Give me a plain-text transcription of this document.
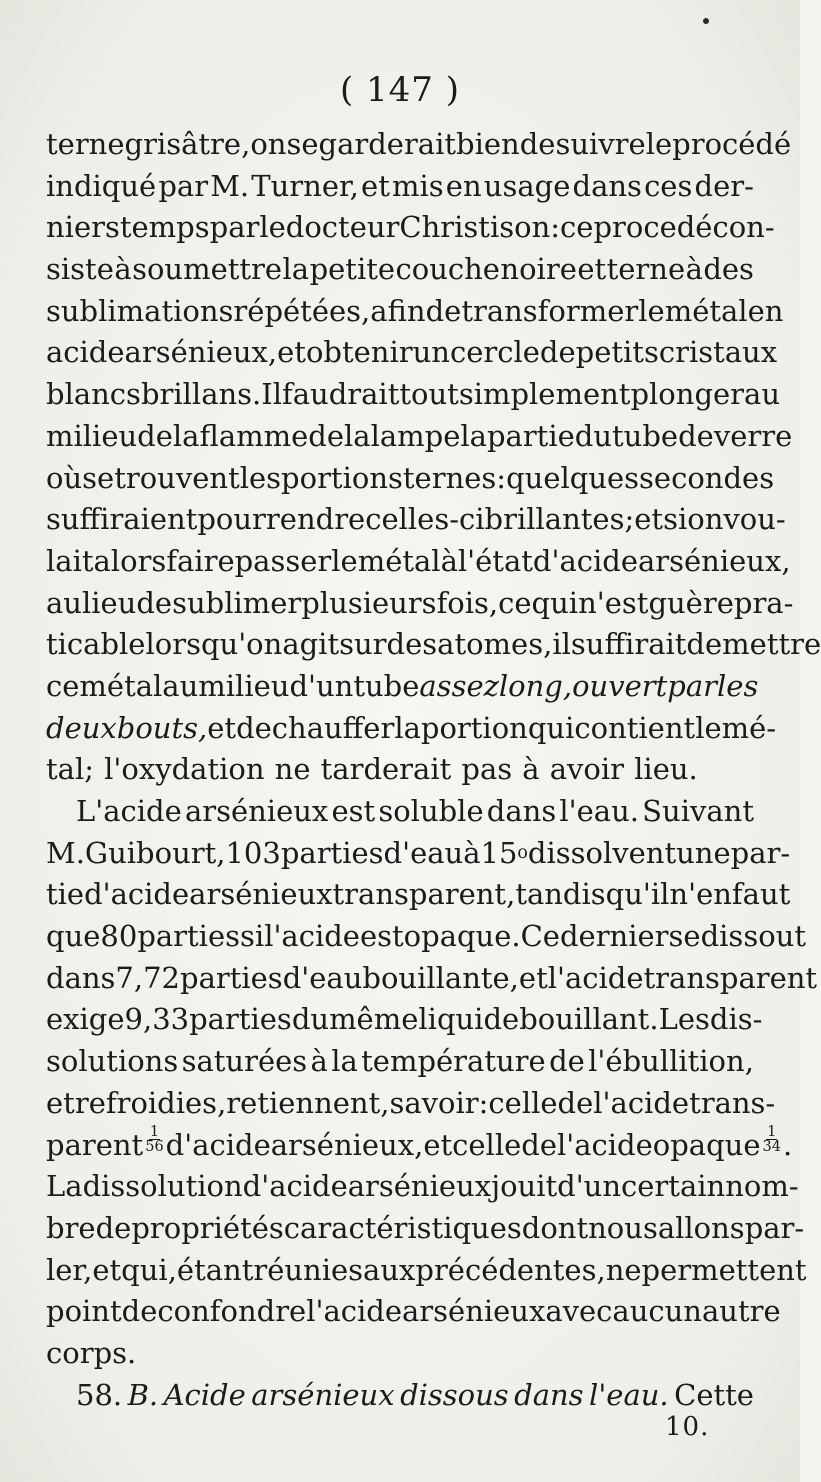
( 147 )
terne grisâtre, on se garderait bien de suivre le procédé
indiqué par M. Turner, et mis en usage dans ces der-
niers temps par le docteur Christison : ce procedé con-
siste à soumettre la petite couche noire et terne à des
sublimations répétées, afin de transformer le métal en
acide arsénieux, et obtenir un cercle de petits cristaux
blancs brillans. Il faudrait tout simplement plonger au
milieu de la flamme de la lampe la partie du tube de verre
où se trouvent les portions ternes : quelques secondes
suffiraientpour rendre celles-ci brillantes ; et si on vou-
lait alors faire passer le métal à l'état d'acide arsénieux,
au lieu de sublimer plusieurs fois, ce qui n'est guère pra-
ticable lorsqu'on agit sur des atomes, il suffirait de mettre
ce métal au milieu d'un tube assez long, ouvert par les
deux bouts, et de chauffer la portion qui contient le mé-
tal; l'oxydation ne tarderait pas à avoir lieu.
L'acide arsénieux est soluble dans l'eau. Suivant
M. Guibourt, 103 parties d'eau à 15 o dissolvent une par-
tie d'acide arsénieux transparent, tandis qu'il n'en faut
que 80 parties si l'acide est opaque. Ce dernier se dissout
dans 7,72 parties d'eau bouillante, et l'acide transparent
exige 9,33 parties du même liquide bouillant. Les dis-
solutions saturées à la température de l'ébullition,
et refroidies, retiennent, savoir : celle de l'acide trans-
parent $\frac{1}{56}$ d'acide arsénieux, et celle de l'acide opaque $\frac{1}{34}$ .
La dissolution d'acide arsénieux jouit d'un certain nom-
bre de propriétés caractéristiques dont nous allons par-
ler, et qui, étant réunies aux précédentes, ne permettent
point de confondre l'acide arsénieux avec aucun autre
corps.
58. B. Acide arsénieux dissous dans l'eau. Cette
10.
